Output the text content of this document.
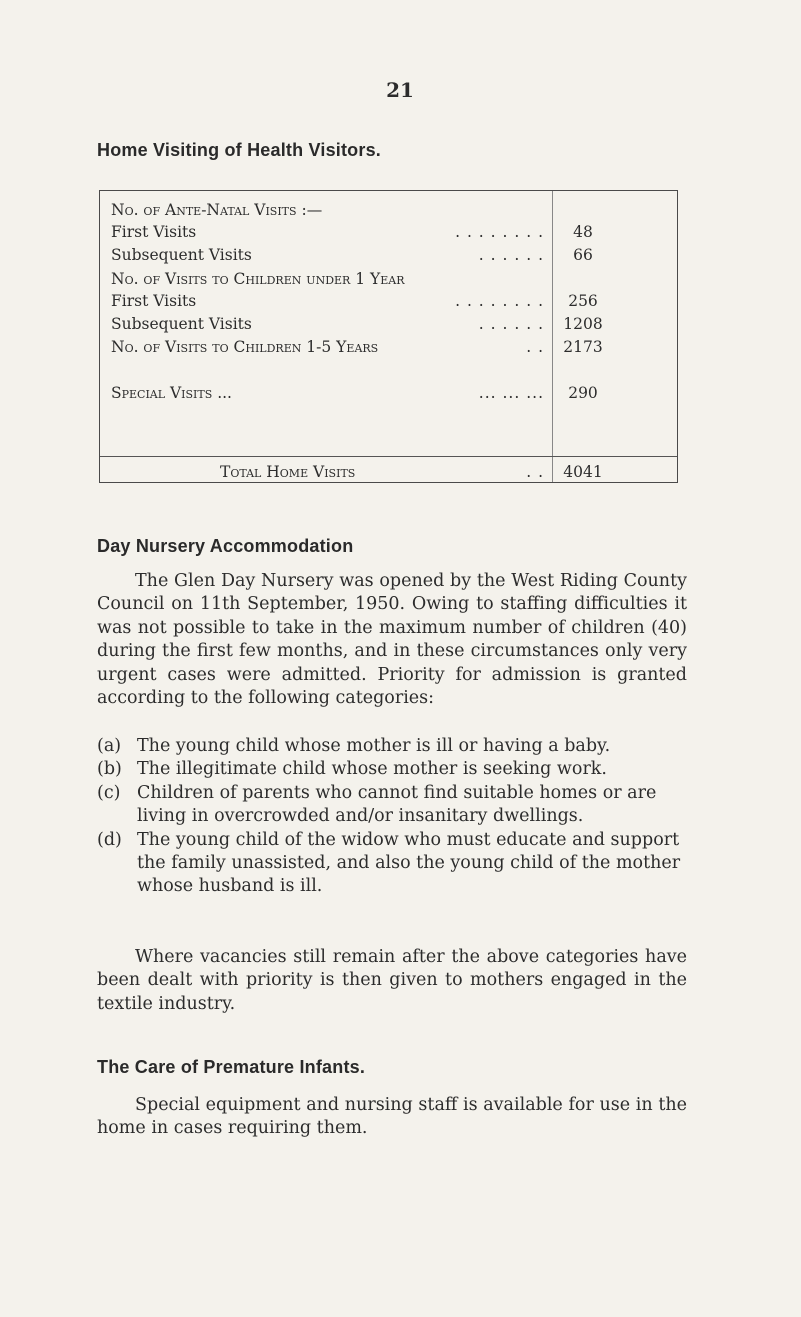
21
Home Visiting of Health Visitors.
No. of Ante-Natal Visits :—
First Visits	. . . . . . . .	48
Subsequent Visits	. . . . . .	66
No. of Visits to Children under 1 Year
First Visits	. . . . . . . .	256
Subsequent Visits	. . . . . .	1208
No. of Visits to Children 1-5 Years	. .	2173
Special Visits ...	... ... ...	290
Total Home Visits	. .	4041
Day Nursery Accommodation

The Glen Day Nursery was opened by the West Riding County Council on 11th September, 1950. Owing to staffing difficulties it was not possible to take in the maximum number of children (40) during the first few months, and in these circumstances only very urgent cases were admitted. Priority for admission is granted according to the following categories:

(a) The young child whose mother is ill or having a baby.

(b) The illegitimate child whose mother is seeking work.

(c) Children of parents who cannot find suitable homes or are living in overcrowded and/or insanitary dwellings.

(d) The young child of the widow who must educate and support the family unassisted, and also the young child of the mother whose husband is ill.

Where vacancies still remain after the above categories have been dealt with priority is then given to mothers engaged in the textile industry.

The Care of Premature Infants.

Special equipment and nursing staff is available for use in the home in cases requiring them.
